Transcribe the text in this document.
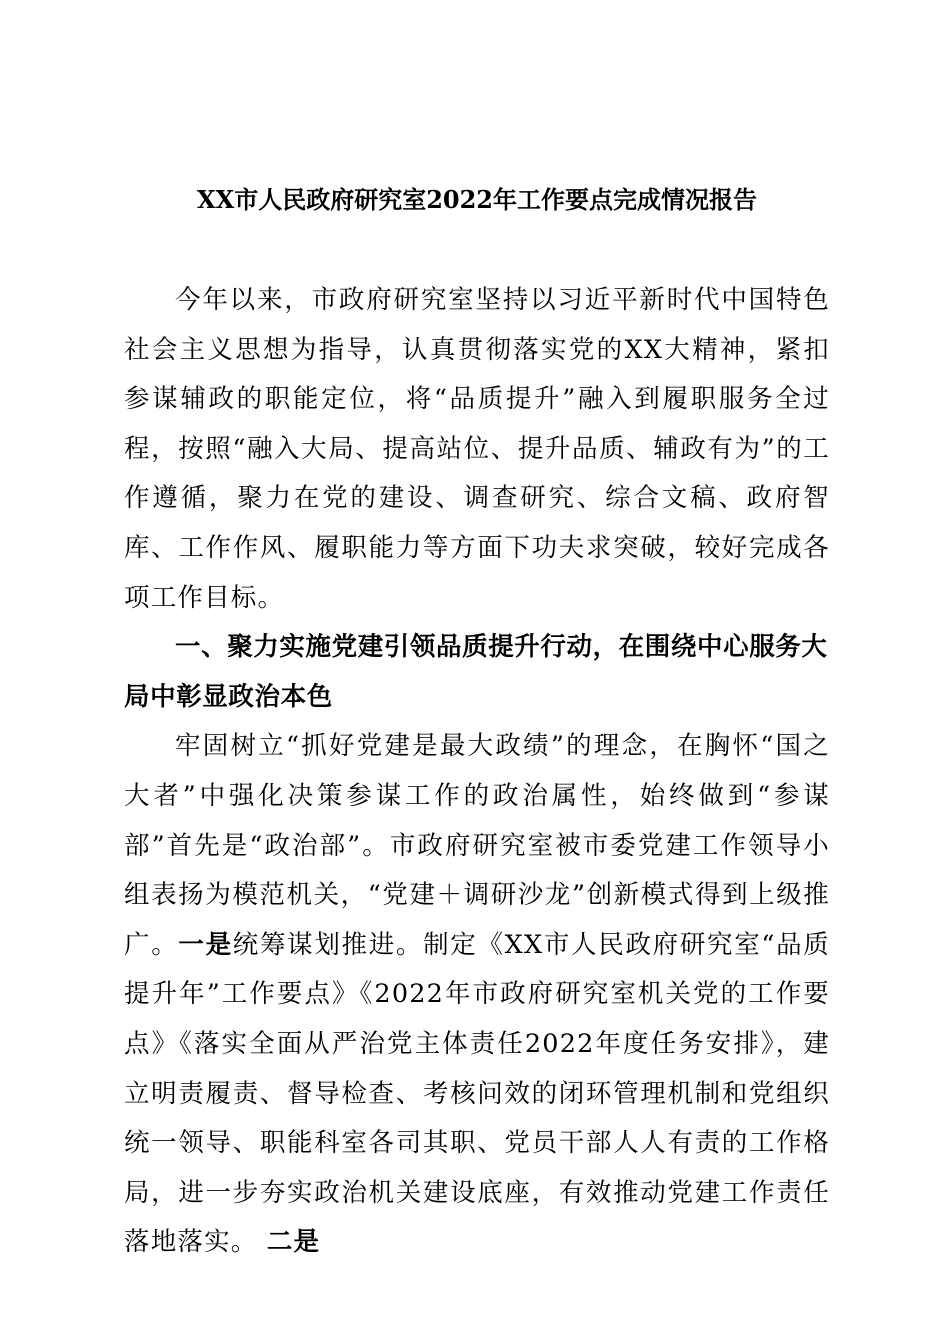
XX市人民政府研究室2022年工作要点完成情况报告

今年以来，市政府研究室坚持以习近平新时代中国特色社会主义思想为指导，认真贯彻落实党的XX大精神，紧扣参谋辅政的职能定位，将“品质提升”融入到履职服务全过程，按照“融入大局、提高站位、提升品质、辅政有为”的工作遵循，聚力在党的建设、调查研究、综合文稿、政府智库、工作作风、履职能力等方面下功夫求突破，较好完成各项工作目标。

一、聚力实施党建引领品质提升行动，在围绕中心服务大局中彰显政治本色

牢固树立“抓好党建是最大政绩”的理念，在胸怀“国之大者”中强化决策参谋工作的政治属性，始终做到“参谋部”首先是“政治部”。市政府研究室被市委党建工作领导小组表扬为模范机关，“党建＋调研沙龙”创新模式得到上级推广。一是统筹谋划推进。制定《XX市人民政府研究室“品质提升年”工作要点》《2022年市政府研究室机关党的工作要点》《落实全面从严治党主体责任2022年度任务安排》，建立明责履责、督导检查、考核问效的闭环管理机制和党组织统一领导、职能科室各司其职、党员干部人人有责的工作格局，进一步夯实政治机关建设底座，有效推动党建工作责任落地落实。 二是
